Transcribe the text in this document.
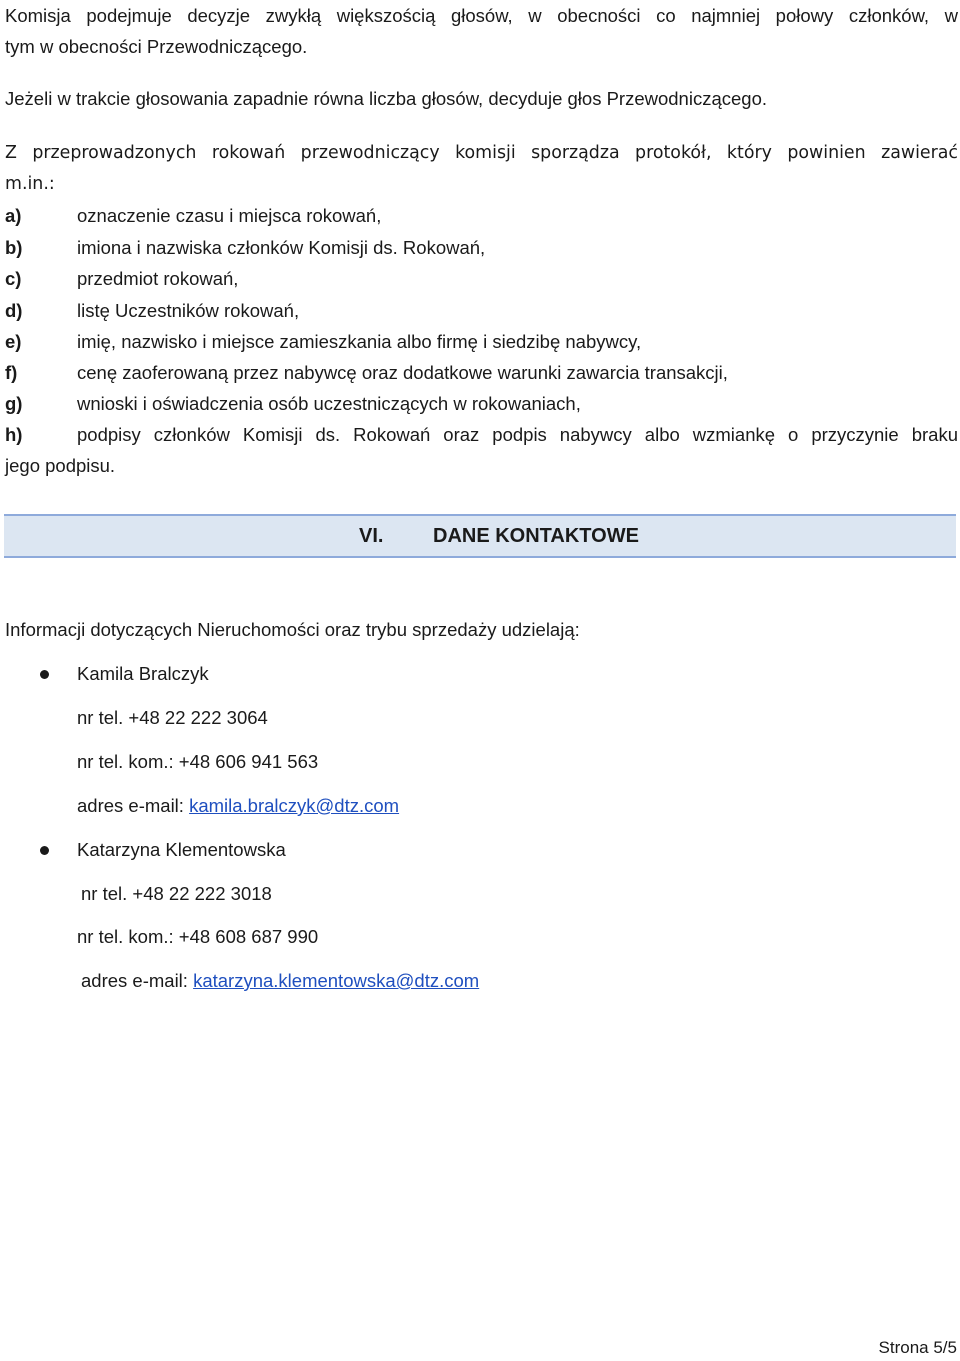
Komisja podejmuje decyzje zwykłą większością głosów, w obecności co najmniej połowy członków, w

tym w obecności Przewodniczącego.

Jeżeli w trakcie głosowania zapadnie równa liczba głosów, decyduje głos Przewodniczącego.

Z przeprowadzonych rokowań przewodniczący komisji sporządza protokół, który powinien zawierać

m.in.:

a)	oznaczenie czasu i miejsca rokowań,
b)	imiona i nazwiska członków Komisji ds. Rokowań,
c)	przedmiot rokowań,
d)	listę Uczestników rokowań,
e)	imię, nazwisko i miejsce zamieszkania albo firmę i siedzibę nabywcy,
f)	cenę zaoferowaną przez nabywcę oraz dodatkowe warunki zawarcia transakcji,
g)	wnioski i oświadczenia osób uczestniczących w rokowaniach,
h)	podpisy członków Komisji ds. Rokowań oraz podpis nabywcy albo wzmiankę o przyczynie braku

jego podpisu.

VI. DANE KONTAKTOWE

Informacji dotyczących Nieruchomości oraz trybu sprzedaży udzielają:

Kamila Bralczyk
nr tel. +48 22 222 3064
nr tel. kom.: +48 606 941 563
adres e-mail: kamila.bralczyk@dtz.com
Katarzyna Klementowska
nr tel. +48 22 222 3018
nr tel. kom.: +48 608 687 990
adres e-mail: katarzyna.klementowska@dtz.com
Strona 5/5
